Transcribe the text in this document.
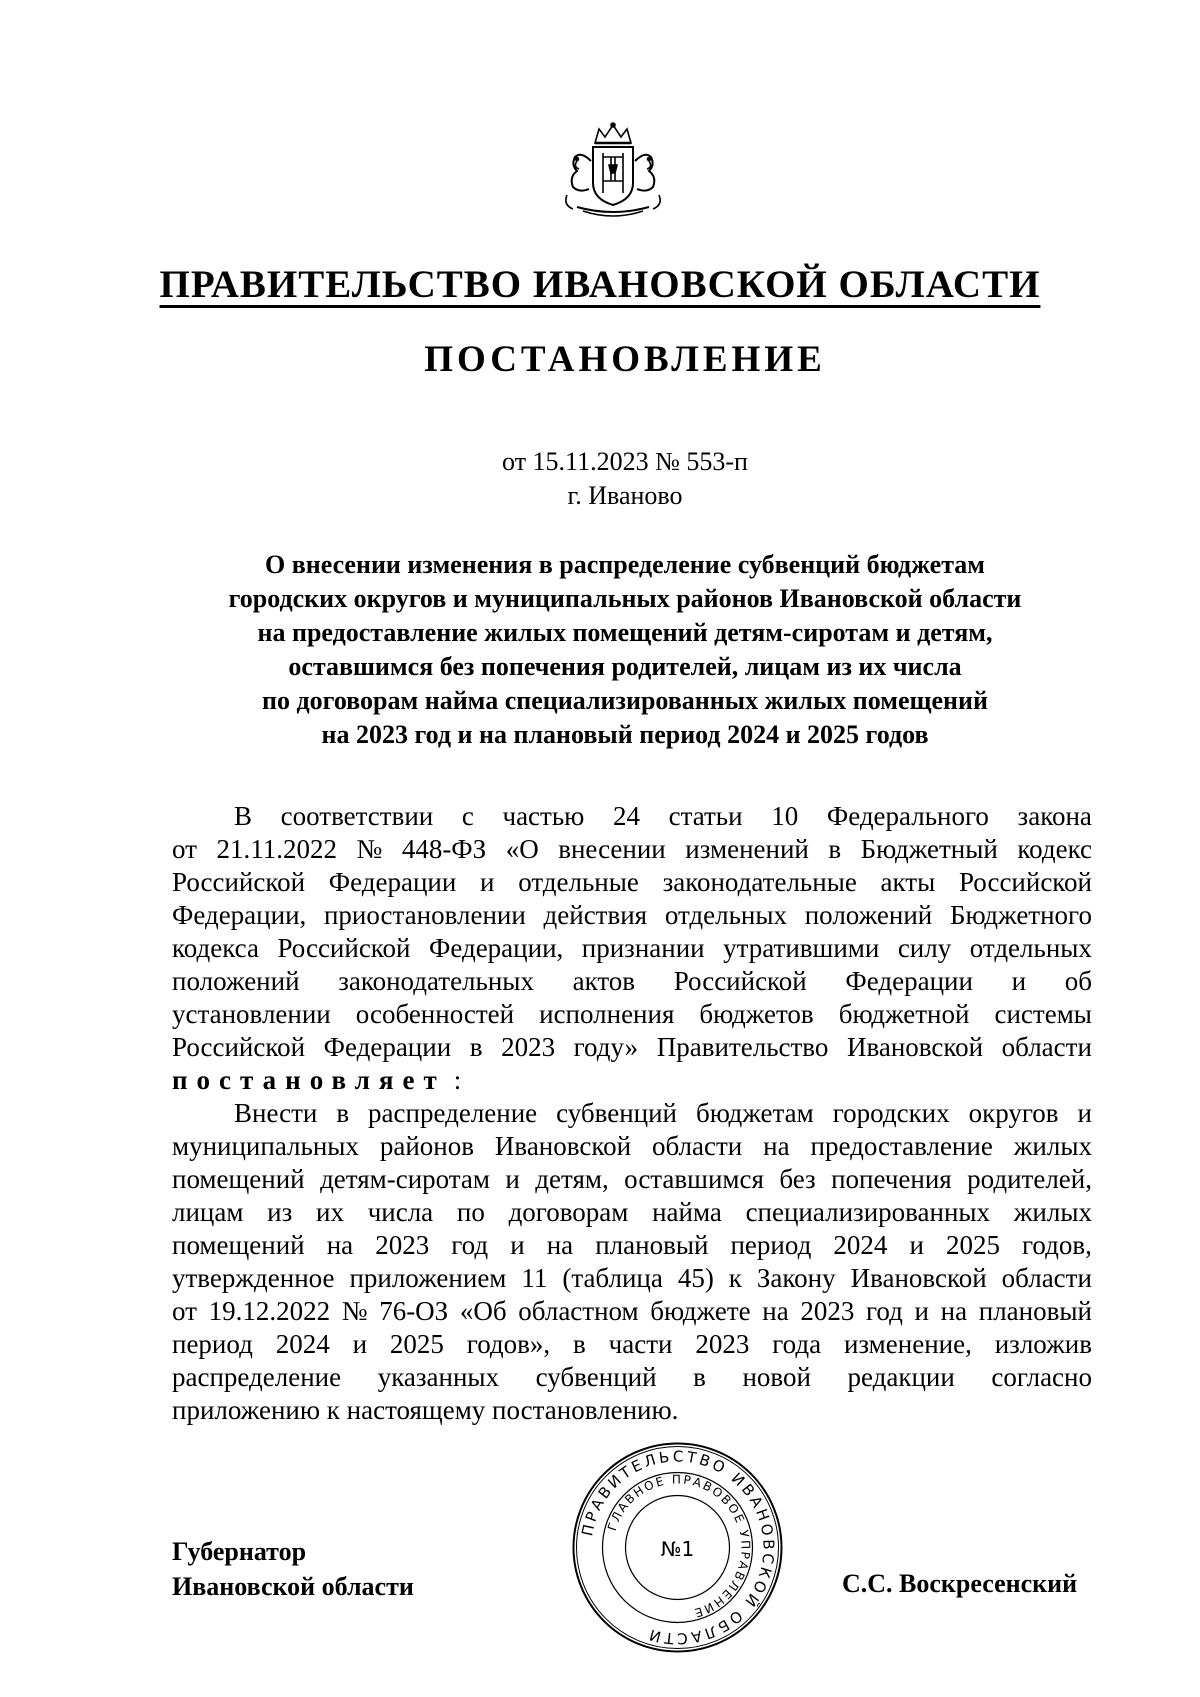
ПРАВИТЕЛЬСТВО ИВАНОВСКОЙ ОБЛАСТИ
ПОСТАНОВЛЕНИЕ
от 15.11.2023 № 553-п
г. Иваново
О внесении изменения в распределение субвенций бюджетам
городских округов и муниципальных районов Ивановской области
на предоставление жилых помещений детям-сиротам и детям,
оставшимся без попечения родителей, лицам из их числа
по договорам найма специализированных жилых помещений
на 2023 год и на плановый период 2024 и 2025 годов
В соответствии с частью 24 статьи 10 Федерального закона
от 21.11.2022 № 448-ФЗ «О внесении изменений в Бюджетный кодекс
Российской Федерации и отдельные законодательные акты Российской
Федерации, приостановлении действия отдельных положений Бюджетного
кодекса Российской Федерации, признании утратившими силу отдельных
положений законодательных актов Российской Федерации и об
установлении особенностей исполнения бюджетов бюджетной системы
Российской Федерации в 2023 году» Правительство Ивановской области
постановляет :
Внести в распределение субвенций бюджетам городских округов и
муниципальных районов Ивановской области на предоставление жилых
помещений детям-сиротам и детям, оставшимся без попечения родителей,
лицам из их числа по договорам найма специализированных жилых
помещений на 2023 год и на плановый период 2024 и 2025 годов,
утвержденное приложением 11 (таблица 45) к Закону Ивановской области
от 19.12.2022 № 76-ОЗ «Об областном бюджете на 2023 год и на плановый
период 2024 и 2025 годов», в части 2023 года изменение, изложив
распределение указанных субвенций в новой редакции согласно
приложению к настоящему постановлению.
Губернатор
Ивановской области
ПРАВИТЕЛЬСТВО ИВАНОВСКОЙ ОБЛАСТИ
ГЛАВНОЕ ПРАВОВОЕ УПРАВЛЕНИЕ
№1
С.С. Воскресенский
